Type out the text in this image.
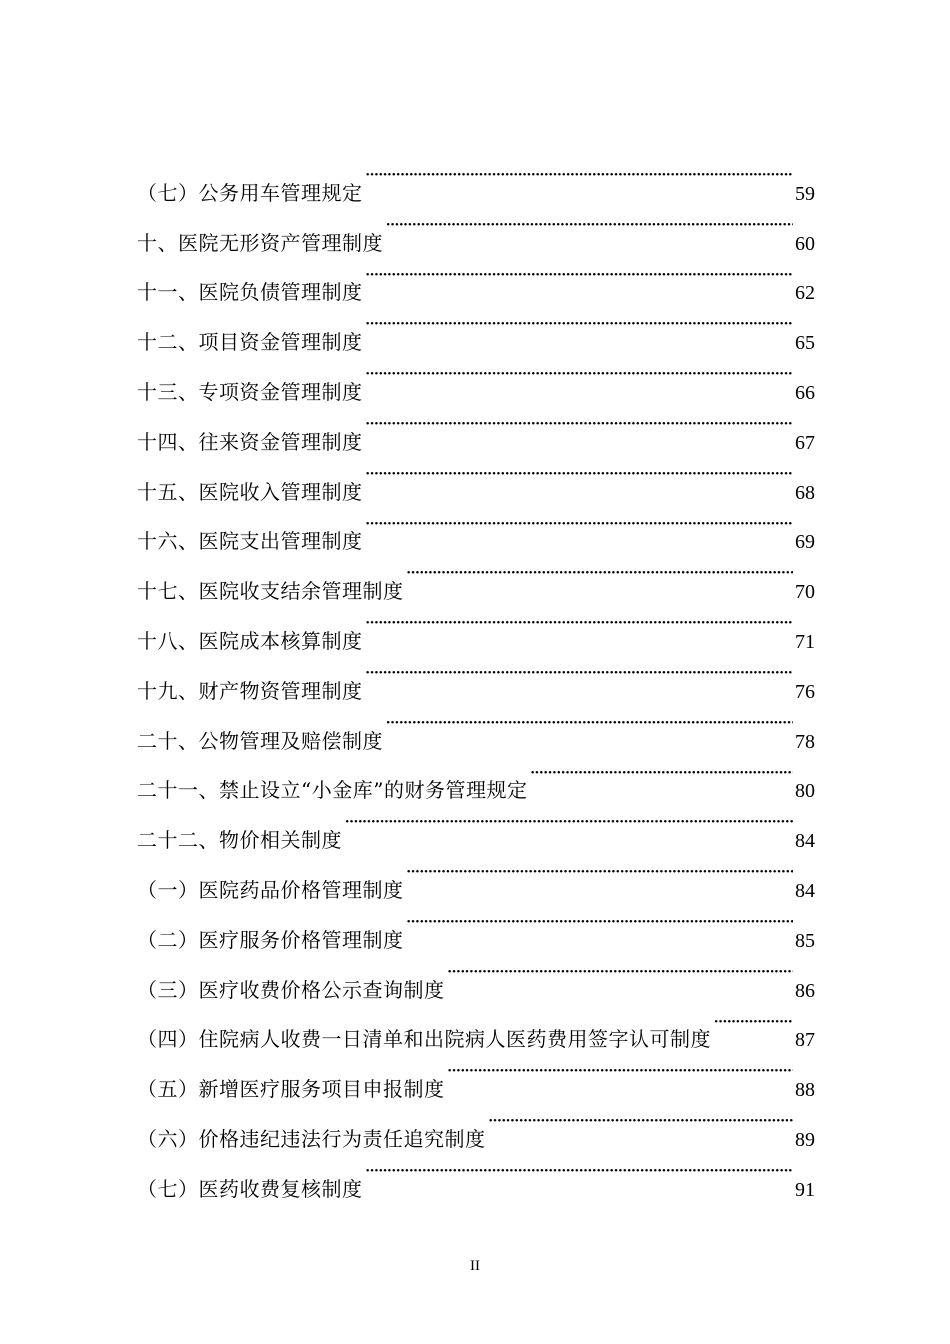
（七）公务用车管理规定 ·····	59
十、医院无形资产管理制度 ·····	60
十一、医院负债管理制度 ·····	62
十二、项目资金管理制度 ·····	65
十三、专项资金管理制度 ·····	66
十四、往来资金管理制度 ·····	67
十五、医院收入管理制度 ·····	68
十六、医院支出管理制度 ·····	69
十七、医院收支结余管理制度 ·····	70
十八、医院成本核算制度 ·····	71
十九、财产物资管理制度 ·····	76
二十、公物管理及赔偿制度 ·····	78
二十一、禁止设立“小金库”的财务管理规定 ·····	80
二十二、物价相关制度 ·····	84
（一）医院药品价格管理制度 ·····	84
（二）医疗服务价格管理制度 ·····	85
（三）医疗收费价格公示查询制度 ·····	86
（四）住院病人收费一日清单和出院病人医药费用签字认可制度 ·····	87
（五）新增医疗服务项目申报制度 ·····	88
（六）价格违纪违法行为责任追究制度 ·····	89
（七）医药收费复核制度 ·····	91
II
